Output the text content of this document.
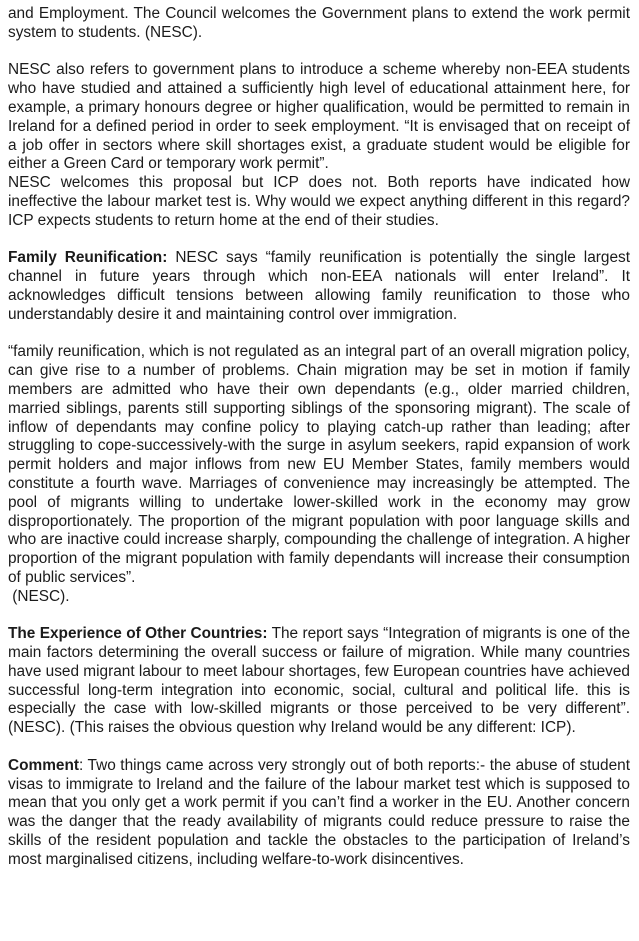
and Employment. The Council welcomes the Government plans to extend the work permit system to students. (NESC).

NESC also refers to government plans to introduce a scheme whereby non-EEA students who have studied and attained a sufficiently high level of educational attainment here, for example, a primary honours degree or higher qualification, would be permitted to remain in Ireland for a defined period in order to seek employment. “It is envisaged that on receipt of a job offer in sectors where skill shortages exist, a graduate student would be eligible for either a Green Card or temporary work permit”.

NESC welcomes this proposal but ICP does not. Both reports have indicated how ineffective the labour market test is. Why would we expect anything different in this regard? ICP expects students to return home at the end of their studies.

Family Reunification: NESC says “family reunification is potentially the single largest channel in future years through which non-EEA nationals will enter Ireland”. It acknowledges difficult tensions between allowing family reunification to those who understandably desire it and maintaining control over immigration.

“family reunification, which is not regulated as an integral part of an overall migration policy, can give rise to a number of problems. Chain migration may be set in motion if family members are admitted who have their own dependants (e.g., older married children, married siblings, parents still supporting siblings of the sponsoring migrant). The scale of inflow of dependants may confine policy to playing catch-up rather than leading; after struggling to cope-successively-with the surge in asylum seekers, rapid expansion of work permit holders and major inflows from new EU Member States, family members would constitute a fourth wave. Marriages of convenience may increasingly be attempted. The pool of migrants willing to undertake lower-skilled work in the economy may grow disproportionately. The proportion of the migrant population with poor language skills and who are inactive could increase sharply, compounding the challenge of integration. A higher proportion of the migrant population with family dependants will increase their consumption of public services”.
(NESC).

The Experience of Other Countries: The report says “Integration of migrants is one of the main factors determining the overall success or failure of migration. While many countries have used migrant labour to meet labour shortages, few European countries have achieved successful long-term integration into economic, social, cultural and political life. this is especially the case with low-skilled migrants or those perceived to be very different”. (NESC). (This raises the obvious question why Ireland would be any different: ICP).

Comment: Two things came across very strongly out of both reports:- the abuse of student visas to immigrate to Ireland and the failure of the labour market test which is supposed to mean that you only get a work permit if you can’t find a worker in the EU. Another concern was the danger that the ready availability of migrants could reduce pressure to raise the skills of the resident population and tackle the obstacles to the participation of Ireland’s most marginalised citizens, including welfare-to-work disincentives.
